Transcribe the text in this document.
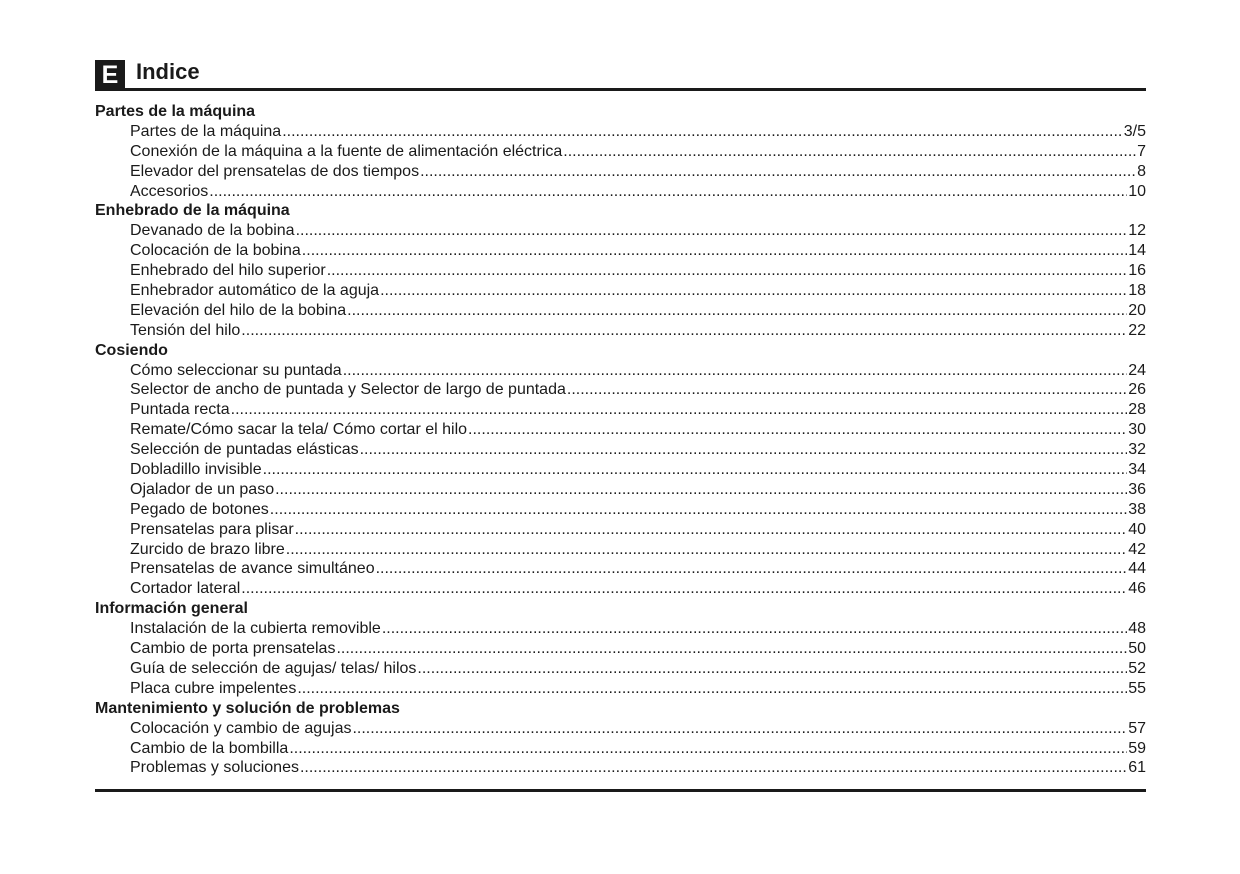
E Indice
Partes de la máquina
Partes de la máquina .....	3/5
Conexión de la máquina a la fuente de alimentación eléctrica .....	7
Elevador del prensatelas de dos tiempos .....	8
Accesorios .....	10
Enhebrado de la máquina
Devanado de la bobina .....	12
Colocación de la bobina .....	14
Enhebrado del hilo superior .....	16
Enhebrador automático de la aguja .....	18
Elevación del hilo de la bobina .....	20
Tensión del hilo .....	22
Cosiendo
Cómo seleccionar su puntada .....	24
Selector de ancho de puntada y Selector de largo de puntada .....	26
Puntada recta .....	28
Remate/Cómo sacar la tela/ Cómo cortar el hilo .....	30
Selección de puntadas elásticas .....	32
Dobladillo invisible .....	34
Ojalador de un paso .....	36
Pegado de botones .....	38
Prensatelas para plisar .....	40
Zurcido de brazo libre .....	42
Prensatelas de avance simultáneo .....	44
Cortador lateral .....	46
Información general
Instalación de la cubierta removible .....	48
Cambio de porta prensatelas .....	50
Guía de selección de agujas/ telas/ hilos .....	52
Placa cubre impelentes .....	55
Mantenimiento y solución de problemas
Colocación y cambio de agujas .....	57
Cambio de la bombilla .....	59
Problemas y soluciones .....	61
